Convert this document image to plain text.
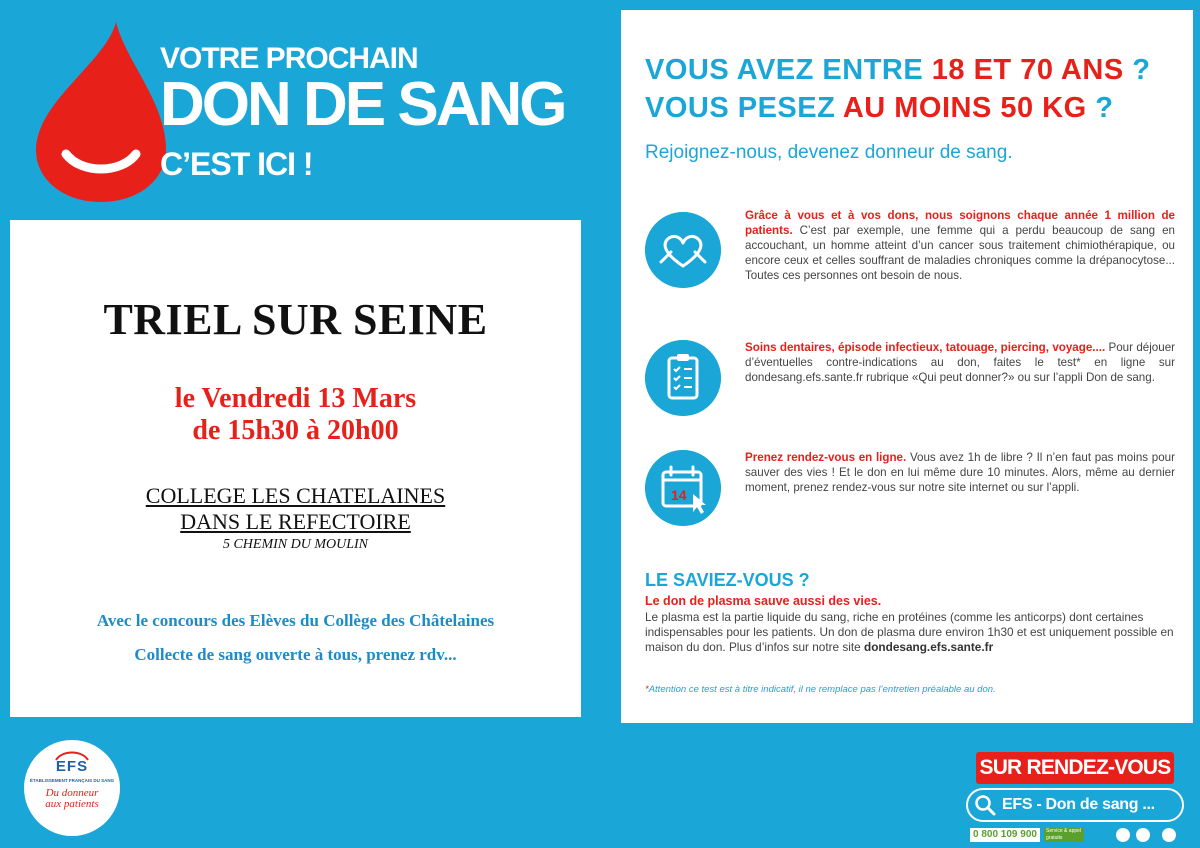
VOTRE PROCHAIN
DON DE SANG
C’EST ICI !
TRIEL SUR SEINE
le Vendredi 13 Mars
de 15h30 à 20h00
COLLEGE LES CHATELAINES
DANS LE REFECTOIRE
5 CHEMIN DU MOULIN
Avec le concours des Elèves du Collège des Châtelaines
Collecte de sang ouverte à tous, prenez rdv...
VOUS AVEZ ENTRE 18 ET 70 ANS ?
VOUS PESEZ AU MOINS 50 KG ?
Rejoignez-nous, devenez donneur de sang.
Grâce à vous et à vos dons, nous soignons chaque année 1 million de patients. C’est par exemple, une femme qui a perdu beaucoup de sang en accouchant, un homme atteint d’un cancer sous traitement chimiothérapique, ou encore ceux et celles souffrant de maladies chroniques comme la drépanocytose... Toutes ces personnes ont besoin de nous.
Soins dentaires, épisode infectieux, tatouage, piercing, voyage.... Pour déjouer d’éventuelles contre-indications au don, faites le test* en ligne sur dondesang.efs.sante.fr rubrique «Qui peut donner?» ou sur l’appli Don de sang.
14
Prenez rendez-vous en ligne. Vous avez 1h de libre ? Il n’en faut pas moins pour sauver des vies ! Et le don en lui même dure 10 minutes. Alors, même au dernier moment, prenez rendez-vous sur notre site internet ou sur l’appli.
LE SAVIEZ-VOUS ?
Le don de plasma sauve aussi des vies.
Le plasma est la partie liquide du sang, riche en protéines (comme les anticorps) dont certaines indispensables pour les patients. Un don de plasma dure environ 1h30 et est uniquement possible en maison du don. Plus d’infos sur notre site dondesang.efs.sante.fr
*Attention ce test est à titre indicatif, il ne remplace pas l’entretien préalable au don.
EFS
ÉTABLISSEMENT FRANÇAIS DU SANG
Du donneur
aux patients
SUR RENDEZ-VOUS
EFS - Don de sang ...
0 800 109 900	Service & appel gratuits
